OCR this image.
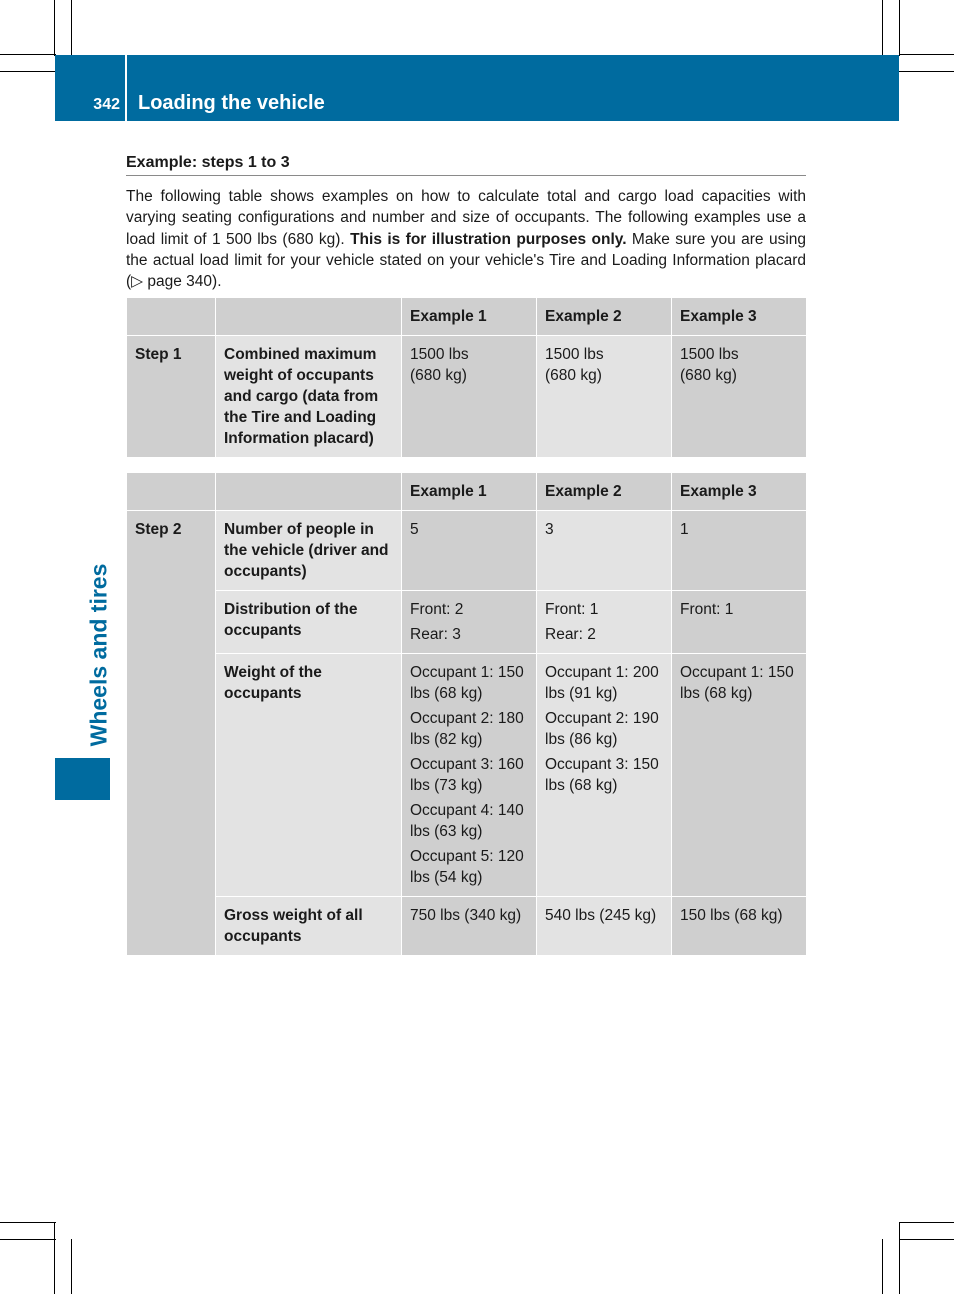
342 Loading the vehicle
Wheels and tires
Example: steps 1 to 3
The following table shows examples on how to calculate total and cargo load capacities with varying seating configurations and number and size of occupants. The following examples use a load limit of 1 500 lbs (680 kg). This is for illustration purposes only. Make sure you are using the actual load limit for your vehicle stated on your vehicle's Tire and Loading Information placard (▷ page 340).
		Example 1	Example 2	Example 3
Step 1	Combined maximum weight of occupants and cargo (data from the Tire and Loading Information placard)	1500 lbs
(680 kg)	1500 lbs
(680 kg)	1500 lbs
(680 kg)
		Example 1	Example 2	Example 3
Step 2	Number of people in the vehicle (driver and occupants)	5	3	1

	Distribution of the occupants	Front: 2
Rear: 3	Front: 1
Rear: 2	Front: 1

	Weight of the occupants	Occupant 1: 150 lbs (68 kg)
Occupant 2: 180 lbs (82 kg)
Occupant 3: 160 lbs (73 kg)
Occupant 4: 140 lbs (63 kg)
Occupant 5: 120 lbs (54 kg)	Occupant 1: 200 lbs (91 kg)
Occupant 2: 190 lbs (86 kg)
Occupant 3: 150 lbs (68 kg)	Occupant 1: 150 lbs (68 kg)

	Gross weight of all occupants	750 lbs (340 kg)	540 lbs (245 kg)	150 lbs (68 kg)
